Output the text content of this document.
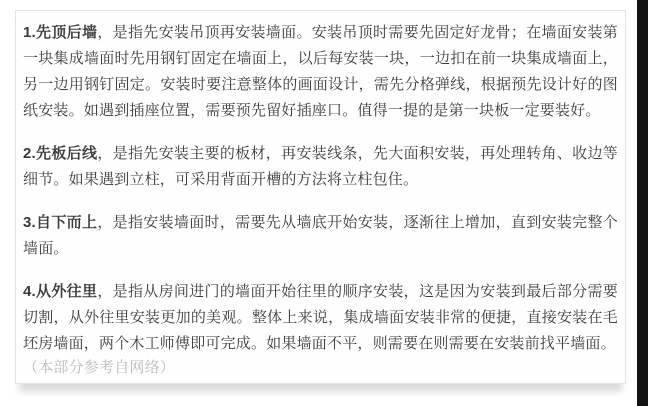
1.先顶后墙，是指先安装吊顶再安装墙面。安装吊顶时需要先固定好龙骨；在墙面安装第一块集成墙面时先用钢钉固定在墙面上，以后每安装一块，一边扣在前一块集成墙面上，另一边用钢钉固定。安装时要注意整体的画面设计，需先分格弹线，根据预先设计好的图纸安装。如遇到插座位置，需要预先留好插座口。值得一提的是第一块板一定要装好。

2.先板后线，是指先安装主要的板材，再安装线条，先大面积安装，再处理转角、收边等细节。如果遇到立柱，可采用背面开槽的方法将立柱包住。

3.自下而上，是指安装墙面时，需要先从墙底开始安装，逐渐往上增加，直到安装完整个墙面。

4.从外往里，是指从房间进门的墙面开始往里的顺序安装，这是因为安装到最后部分需要切割，从外往里安装更加的美观。整体上来说，集成墙面安装非常的便捷，直接安装在毛坯房墙面，两个木工师傅即可完成。如果墙面不平，则需要在则需要在安装前找平墙面。

（本部分参考自网络）
